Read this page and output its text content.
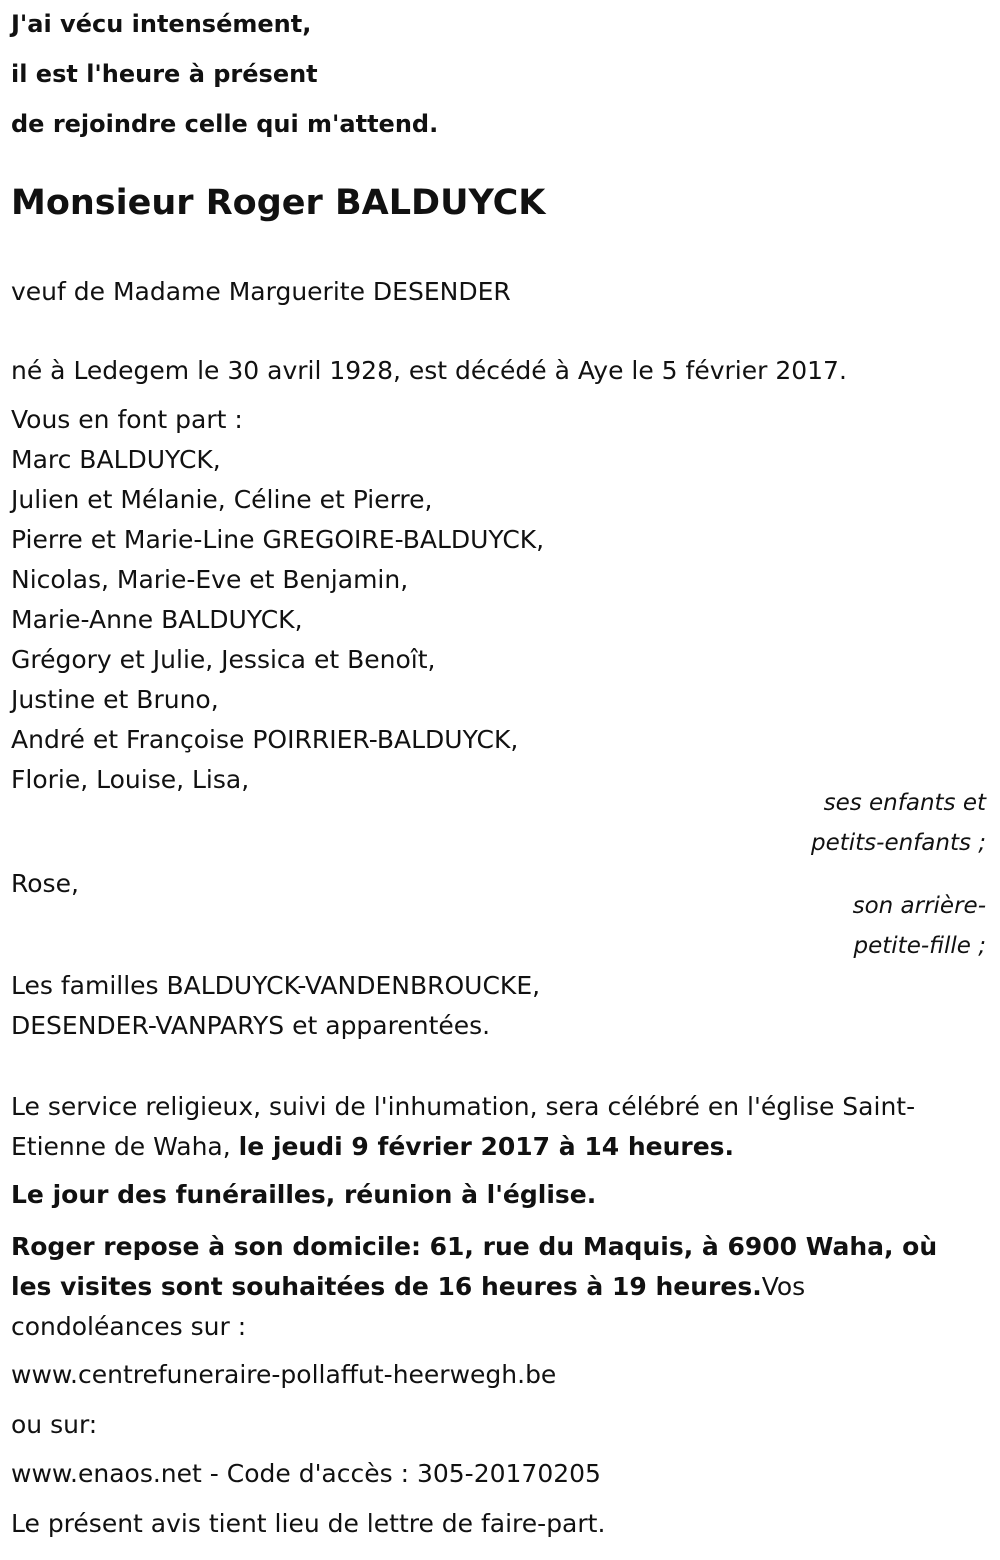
J'ai vécu intensément,
il est l'heure à présent
de rejoindre celle qui m'attend.
Monsieur Roger BALDUYCK
veuf de Madame Marguerite DESENDER
né à Ledegem le 30 avril 1928, est décédé à Aye le 5 février 2017.
Vous en font part :
Marc BALDUYCK,
Julien et Mélanie, Céline et Pierre,
Pierre et Marie-Line GREGOIRE-BALDUYCK,
Nicolas, Marie-Eve et Benjamin,
Marie-Anne BALDUYCK,
Grégory et Julie, Jessica et Benoît,
Justine et Bruno,
André et Françoise POIRRIER-BALDUYCK,
Florie, Louise, Lisa,
ses enfants et
petits-enfants ;
Rose,
son arrière-
petite-fille ;
Les familles BALDUYCK-VANDENBROUCKE,
DESENDER-VANPARYS et apparentées.
Le service religieux, suivi de l'inhumation, sera célébré en l'église Saint-Etienne de Waha, le jeudi 9 février 2017 à 14 heures.
Le jour des funérailles, réunion à l'église.
Roger repose à son domicile: 61, rue du Maquis, à 6900 Waha, où les visites sont souhaitées de 16 heures à 19 heures.Vos condoléances sur :
www.centrefuneraire-pollaffut-heerwegh.be
ou sur:
www.enaos.net - Code d'accès : 305-20170205
Le présent avis tient lieu de lettre de faire-part.
